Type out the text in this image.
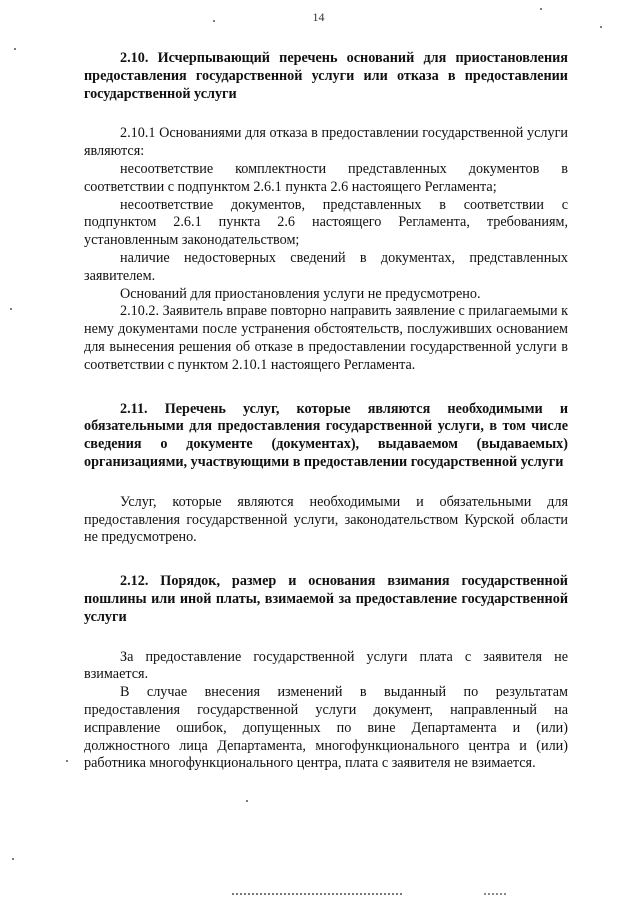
14

2.10. Исчерпывающий перечень оснований для приостановления предоставления государственной услуги или отказа в предоставлении государственной услуги

2.10.1 Основаниями для отказа в предоставлении государственной услуги являются:

несоответствие комплектности представленных документов в соответствии с подпунктом 2.6.1 пункта 2.6 настоящего Регламента;

несоответствие документов, представленных в соответствии с подпунктом 2.6.1 пункта 2.6 настоящего Регламента, требованиям, установленным законодательством;

наличие недостоверных сведений в документах, представленных заявителем.

Оснований для приостановления услуги не предусмотрено.

2.10.2. Заявитель вправе повторно направить заявление с прилагаемыми к нему документами после устранения обстоятельств, послуживших основанием для вынесения решения об отказе в предоставлении государственной услуги в соответствии с пунктом 2.10.1 настоящего Регламента.

2.11. Перечень услуг, которые являются необходимыми и обязательными для предоставления государственной услуги, в том числе сведения о документе (документах), выдаваемом (выдаваемых) организациями, участвующими в предоставлении государственной услуги

Услуг, которые являются необходимыми и обязательными для предоставления государственной услуги, законодательством Курской области не предусмотрено.

2.12. Порядок, размер и основания взимания государственной пошлины или иной платы, взимаемой за предоставление государственной услуги

За предоставление государственной услуги плата с заявителя не взимается.

В случае внесения изменений в выданный по результатам предоставления государственной услуги документ, направленный на исправление ошибок, допущенных по вине Департамента и (или) должностного лица Департамента, многофункционального центра и (или) работника многофункционального центра, плата с заявителя не взимается.
